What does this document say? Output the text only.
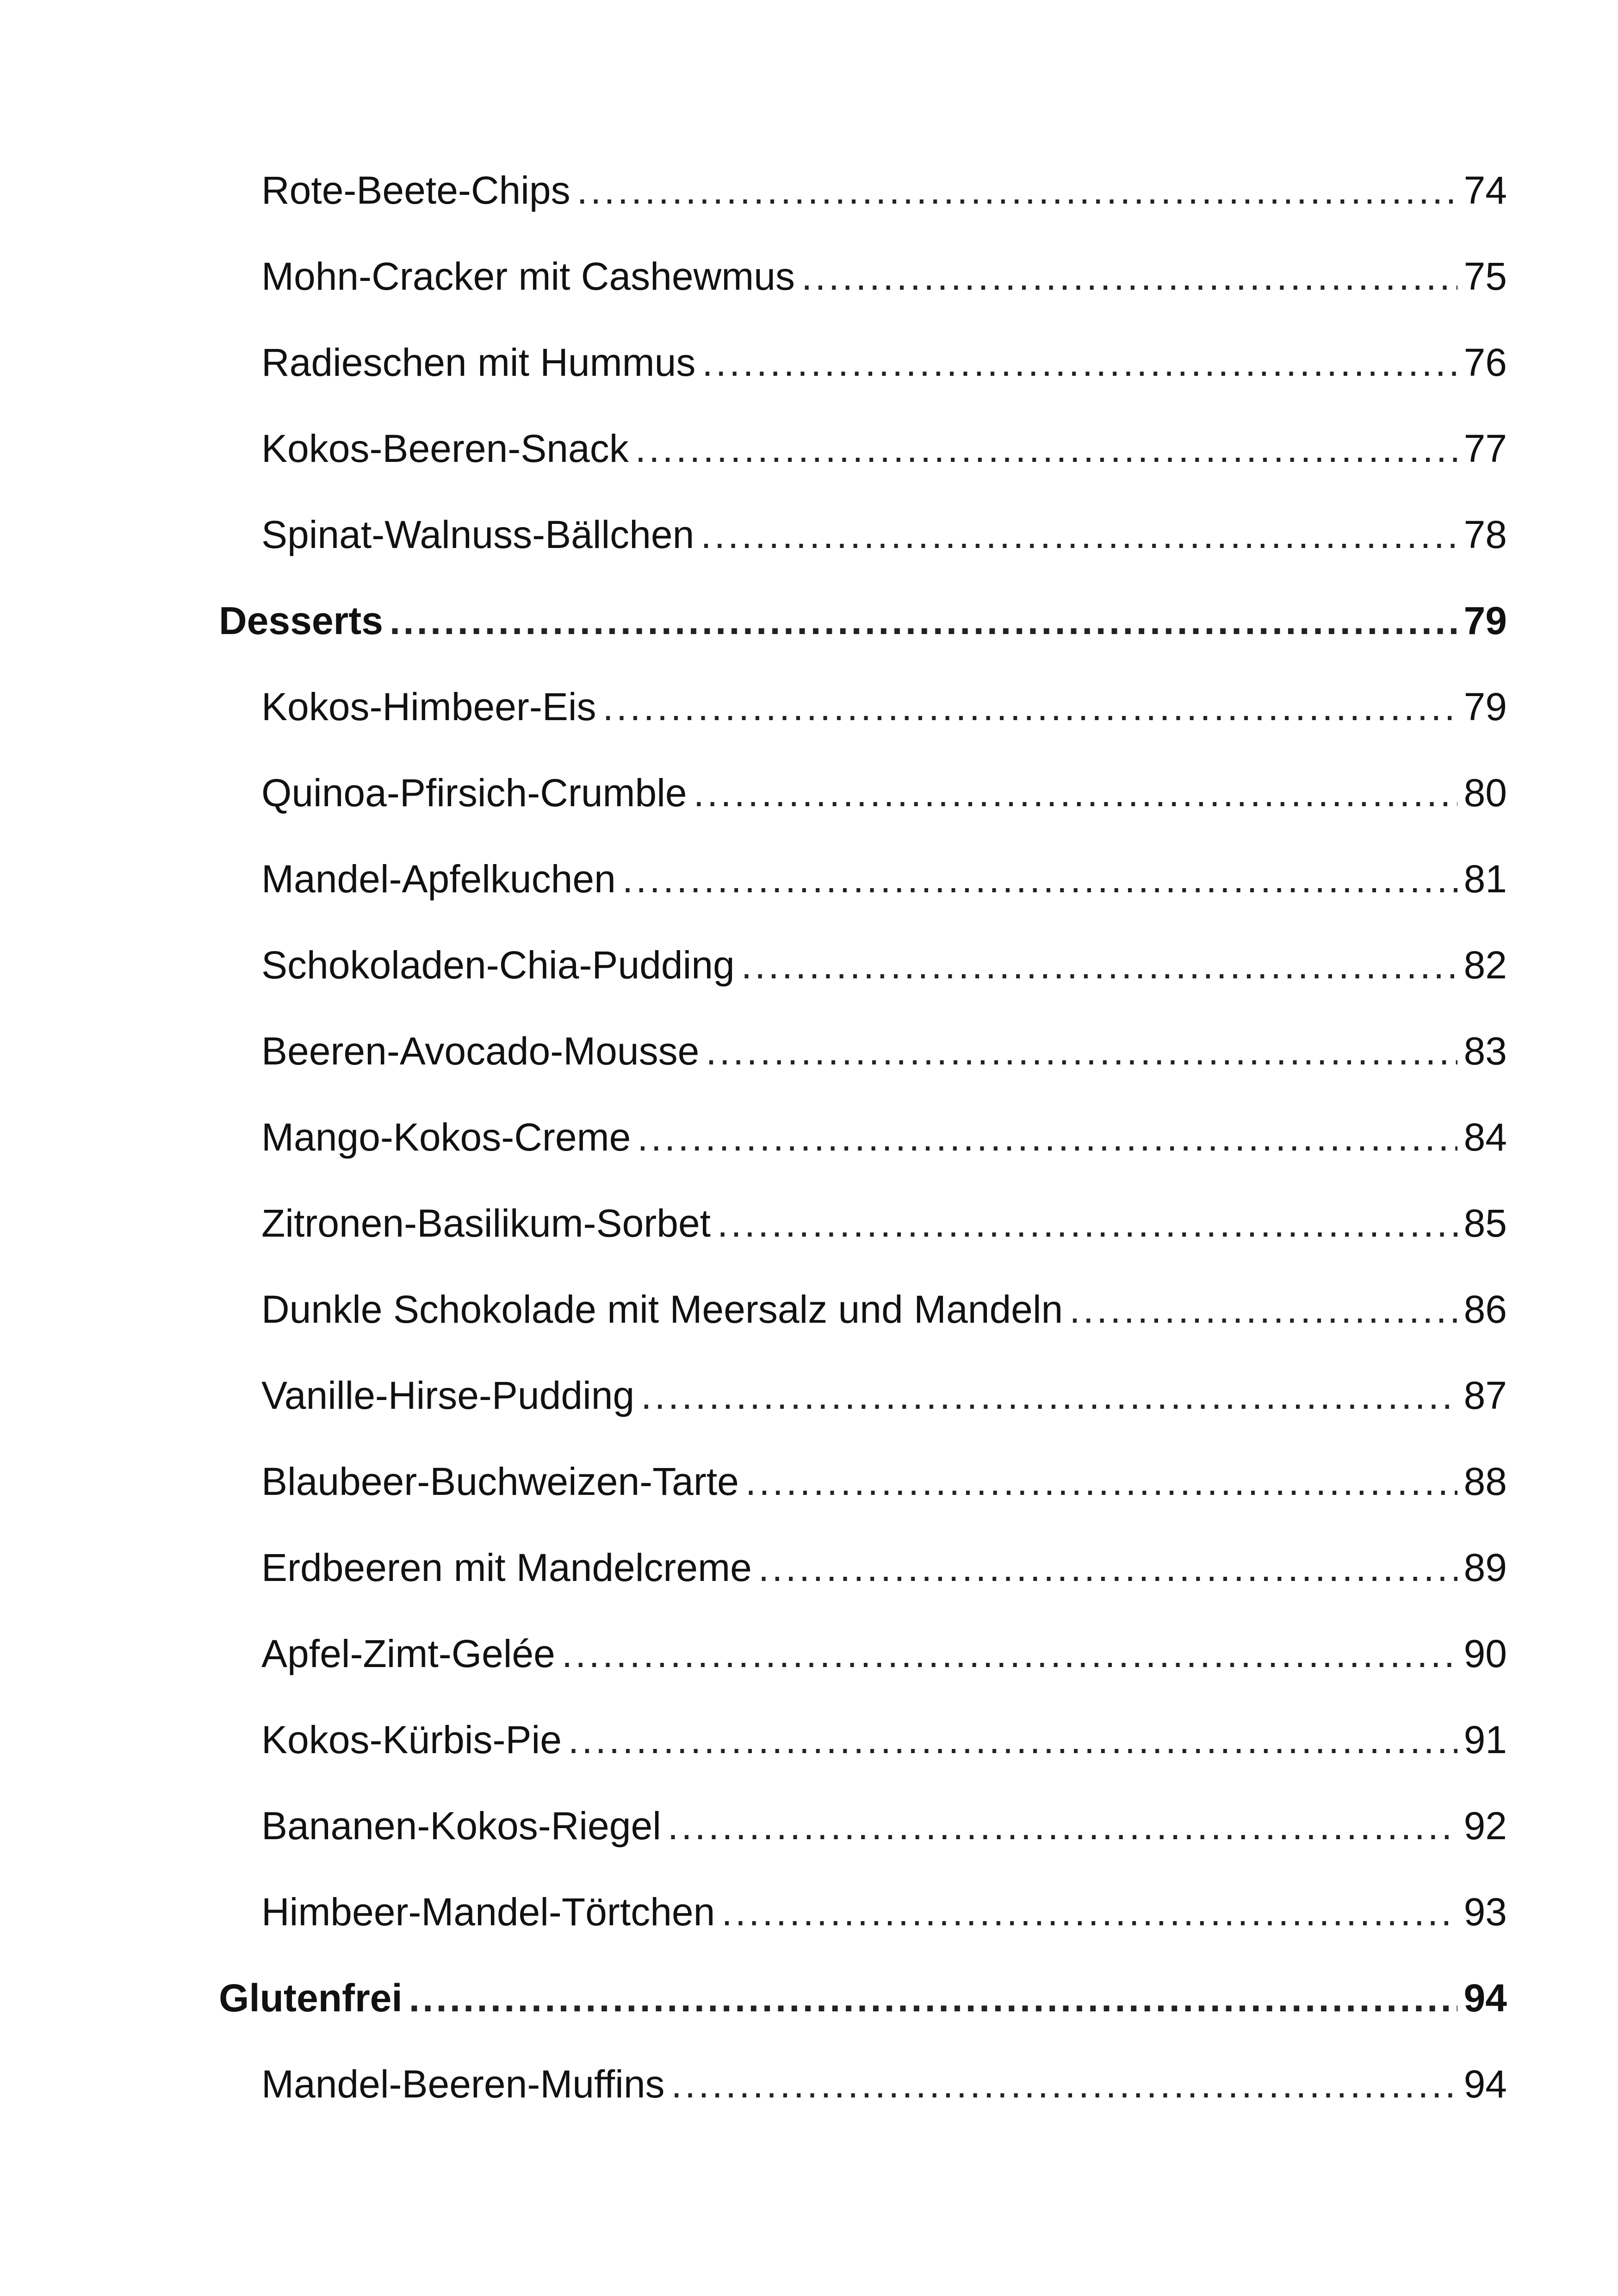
Rote-Beete-Chips .....	74
Mohn-Cracker mit Cashewmus .....	75
Radieschen mit Hummus .....	76
Kokos-Beeren-Snack .....	77
Spinat-Walnuss-Bällchen .....	78
Desserts .....	79
Kokos-Himbeer-Eis .....	79
Quinoa-Pfirsich-Crumble .....	80
Mandel-Apfelkuchen .....	81
Schokoladen-Chia-Pudding .....	82
Beeren-Avocado-Mousse .....	83
Mango-Kokos-Creme .....	84
Zitronen-Basilikum-Sorbet .....	85
Dunkle Schokolade mit Meersalz und Mandeln .....	86
Vanille-Hirse-Pudding .....	87
Blaubeer-Buchweizen-Tarte .....	88
Erdbeeren mit Mandelcreme .....	89
Apfel-Zimt-Gelée .....	90
Kokos-Kürbis-Pie .....	91
Bananen-Kokos-Riegel .....	92
Himbeer-Mandel-Törtchen .....	93
Glutenfrei .....	94
Mandel-Beeren-Muffins .....	94
